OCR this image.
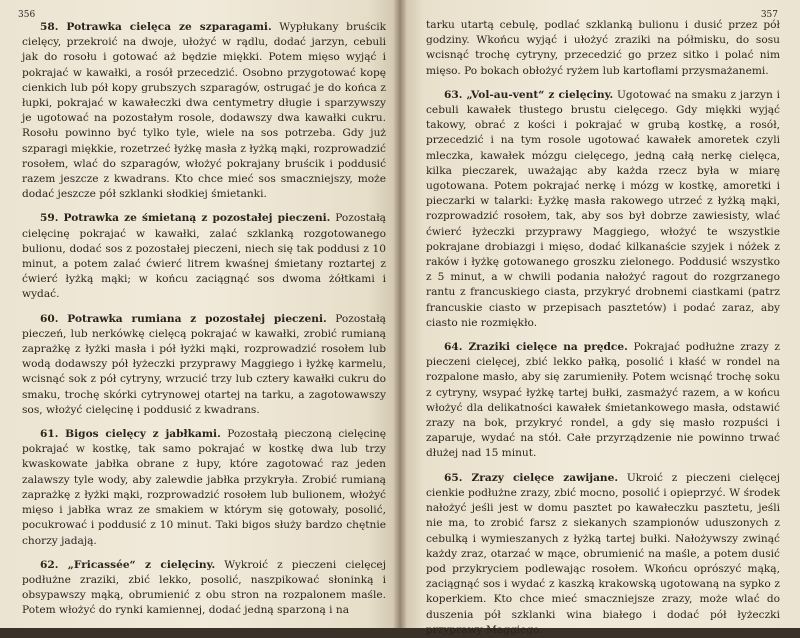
356

58. Potrawka cielęca ze szparagami. Wypłukany bruścik cielęcy, przekroić na dwoje, ułożyć w rądlu, dodać jarzyn, cebuli jak do rosołu i gotować aż będzie miękki. Potem mięso wyjąć i pokrajać w kawałki, a rosół przecedzić. Osobno przygotować kopę cienkich lub pół kopy grubszych szparagów, ostrugać je do końca z łupki, pokrajać w kawałeczki dwa centymetry długie i sparzywszy je ugotować na pozostałym rosole, dodawszy dwa kawałki cukru. Rosołu powinno być tylko tyle, wiele na sos potrzeba. Gdy już szparagi miękkie, rozetrzeć łyżkę masła z łyżką mąki, rozprowadzić rosołem, wlać do szparagów, włożyć pokrajany bruścik i poddusić razem jeszcze z kwadrans. Kto chce mieć sos smaczniejszy, może dodać jeszcze pół szklanki słodkiej śmietanki.

59. Potrawka ze śmietaną z pozostałej pieczeni. Pozostałą cielęcinę pokrajać w kawałki, zalać szklanką rozgotowanego bulionu, dodać sos z pozostałej pieczeni, niech się tak poddusi z 10 minut, a potem zalać ćwierć litrem kwaśnej śmietany roztartej z ćwierć łyżką mąki; w końcu zaciągnąć sos dwoma żółtkami i wydać.

60. Potrawka rumiana z pozostałej pieczeni. Pozostałą pieczeń, lub nerkówkę cielęcą pokrajać w kawałki, zrobić rumianą zaprażkę z łyżki masła i pół łyżki mąki, rozprowadzić rosołem lub wodą dodawszy pół łyżeczki przyprawy Maggiego i łyżkę karmelu, wcisnąć sok z pół cytryny, wrzucić trzy lub cztery kawałki cukru do smaku, trochę skórki cytrynowej otartej na tarku, a zagotowawszy sos, włożyć cielęcinę i poddusić z kwadrans.

61. Bigos cielęcy z jabłkami. Pozostałą pieczoną cielęcinę pokrajać w kostkę, tak samo pokrajać w kostkę dwa lub trzy kwaskowate jabłka obrane z łupy, które zagotować raz jeden zalawszy tyle wody, aby zalewdie jabłka przykryła. Zrobić rumianą zaprażkę z łyżki mąki, rozprowadzić rosołem lub bulionem, włożyć mięso i jabłka wraz ze smakiem w którym się gotowały, posolić, pocukrować i poddusić z 10 minut. Taki bigos służy bardzo chętnie chorzy jadają.

62. „Fricassée“ z cielęciny. Wykroić z pieczeni cielęcej podłużne zraziki, zbić lekko, posolić, naszpikować słoninką i obsypawszy mąką, obrumienić z obu stron na rozpalonem maśle. Potem włożyć do rynki kamiennej, dodać jedną sparzoną i na

357

tarku utartą cebulę, podlać szklanką bulionu i dusić przez pół godziny. Wkońcu wyjąć i ułożyć zraziki na półmisku, do sosu wcisnąć trochę cytryny, przecedzić go przez sitko i polać nim mięso. Po bokach obłożyć ryżem lub kartoflami przysmażanemi.

63. „Vol-au-vent“ z cielęciny. Ugotować na smaku z jarzyn i cebuli kawałek tłustego brustu cielęcego. Gdy miękki wyjąć takowy, obrać z kości i pokrajać w grubą kostkę, a rosół, przecedzić i na tym rosole ugotować kawałek amoretek czyli mleczka, kawałek mózgu cielęcego, jedną całą nerkę cielęca, kilka pieczarek, uważając aby każda rzecz była w miarę ugotowana. Potem pokrajać nerkę i mózg w kostkę, amoretki i pieczarki w talarki: Łyżkę masła rakowego utrzeć z łyżką mąki, rozprowadzić rosołem, tak, aby sos był dobrze zawiesisty, wlać ćwierć łyżeczki przyprawy Maggiego, włożyć te wszystkie pokrajane drobiazgi i mięso, dodać kilkanaście szyjek i nóżek z raków i łyżkę gotowanego groszku zielonego. Poddusić wszystko z 5 minut, a w chwili podania nałożyć ragout do rozgrzanego rantu z francuskiego ciasta, przykryć drobnemi ciastkami (patrz francuskie ciasto w przepisach pasztetów) i podać zaraz, aby ciasto nie rozmiękło.

64. Zraziki cielęce na prędce. Pokrajać podłużne zrazy z pieczeni cielęcej, zbić lekko pałką, posolić i kłaść w rondel na rozpalone masło, aby się zarumieniły. Potem wcisnąć trochę soku z cytryny, wsypać łyżkę tartej bułki, zasmażyć razem, a w końcu włożyć dla delikatności kawałek śmietankowego masła, odstawić zrazy na bok, przykryć rondel, a gdy się masło rozpuści i zaparuje, wydać na stół. Całe przyrządzenie nie powinno trwać dłużej nad 15 minut.

65. Zrazy cielęce zawijane. Ukroić z pieczeni cielęcej cienkie podłużne zrazy, zbić mocno, posolić i opieprzyć. W środek nałożyć jeśli jest w domu pasztet po kawałeczku pasztetu, jeśli nie ma, to zrobić farsz z siekanych szampionów uduszonych z cebulką i wymieszanych z łyżką tartej bułki. Nałożywszy zwinąć każdy zraz, otarzać w mące, obrumienić na maśle, a potem dusić pod przykryciem podlewając rosołem. Wkońcu oprószyć mąką, zaciągnąć sos i wydać z kaszką krakowską ugotowaną na sypko z koperkiem. Kto chce mieć smaczniejsze zrazy, może wlać do duszenia pół szklanki wina białego i dodać pół łyżeczki przyprawy Maggiego.
